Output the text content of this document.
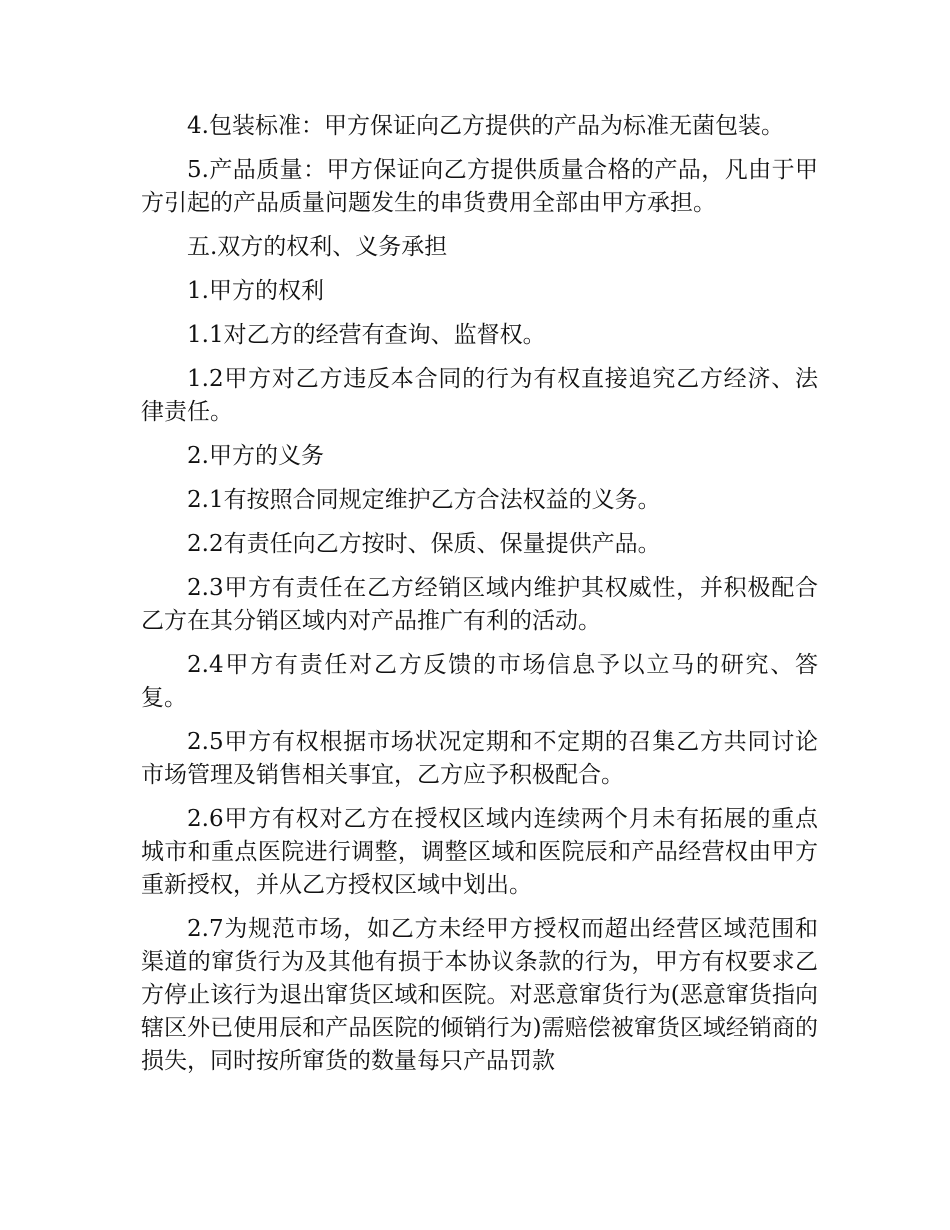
4.包装标准：甲方保证向乙方提供的产品为标准无菌包装。

5.产品质量：甲方保证向乙方提供质量合格的产品，凡由于甲方引起的产品质量问题发生的串货费用全部由甲方承担。

五.双方的权利、义务承担

1.甲方的权利

1.1对乙方的经营有查询、监督权。

1.2甲方对乙方违反本合同的行为有权直接追究乙方经济、法律责任。

2.甲方的义务

2.1有按照合同规定维护乙方合法权益的义务。

2.2有责任向乙方按时、保质、保量提供产品。

2.3甲方有责任在乙方经销区域内维护其权威性，并积极配合乙方在其分销区域内对产品推广有利的活动。

2.4甲方有责任对乙方反馈的市场信息予以立马的研究、答复。

2.5甲方有权根据市场状况定期和不定期的召集乙方共同讨论市场管理及销售相关事宜，乙方应予积极配合。

2.6甲方有权对乙方在授权区域内连续两个月未有拓展的重点城市和重点医院进行调整，调整区域和医院辰和产品经营权由甲方重新授权，并从乙方授权区域中划出。

2.7为规范市场，如乙方未经甲方授权而超出经营区域范围和渠道的窜货行为及其他有损于本协议条款的行为，甲方有权要求乙方停止该行为退出窜货区域和医院。对恶意窜货行为(恶意窜货指向辖区外已使用辰和产品医院的倾销行为)需赔偿被窜货区域经销商的损失，同时按所窜货的数量每只产品罚款
